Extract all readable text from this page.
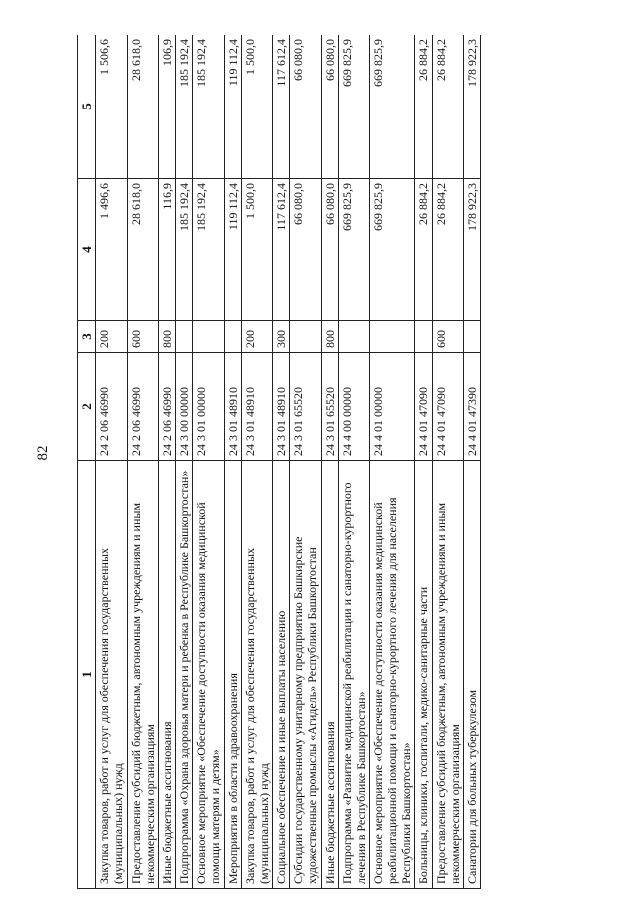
82
1	2	3	4	5
Закупка товаров, работ и услуг для обеспечения государственных (муниципальных) нужд	24 2 06 46990	200	1 496,6	1 506,6
Предоставление субсидий бюджетным, автономным учреждениям и иным некоммерческим организациям	24 2 06 46990	600	28 618,0	28 618,0
Иные бюджетные ассигнования	24 2 06 46990	800	116,9	106,9
Подпрограмма «Охрана здоровья матери и ребенка в Республике Башкортостан»	24 3 00 00000		185 192,4	185 192,4
Основное мероприятие «Обеспечение доступности оказания медицинской помощи матерям и детям»	24 3 01 00000		185 192,4	185 192,4
Мероприятия в области здравоохранения	24 3 01 48910		119 112,4	119 112,4
Закупка товаров, работ и услуг для обеспечения государственных (муниципальных) нужд	24 3 01 48910	200	1 500,0	1 500,0
Социальное обеспечение и иные выплаты населению	24 3 01 48910	300	117 612,4	117 612,4
Субсидии государственному унитарному предприятию Башкирские художественные промыслы «Агидель» Республики Башкортостан	24 3 01 65520		66 080,0	66 080,0
Иные бюджетные ассигнования	24 3 01 65520	800	66 080,0	66 080,0
Подпрограмма «Развитие медицинской реабилитации и санаторно-курортного лечения в Республике Башкортостан»	24 4 00 00000		669 825,9	669 825,9
Основное мероприятие «Обеспечение доступности оказания медицинской реабилитационной помощи и санаторно-курортного лечения для населения Республики Башкортостан»	24 4 01 00000		669 825,9	669 825,9
Больницы, клиники, госпитали, медико-санитарные части	24 4 01 47090		26 884,2	26 884,2
Предоставление субсидий бюджетным, автономным учреждениям и иным некоммерческим организациям	24 4 01 47090	600	26 884,2	26 884,2
Санатории для больных туберкулезом	24 4 01 47390		178 922,3	178 922,3
